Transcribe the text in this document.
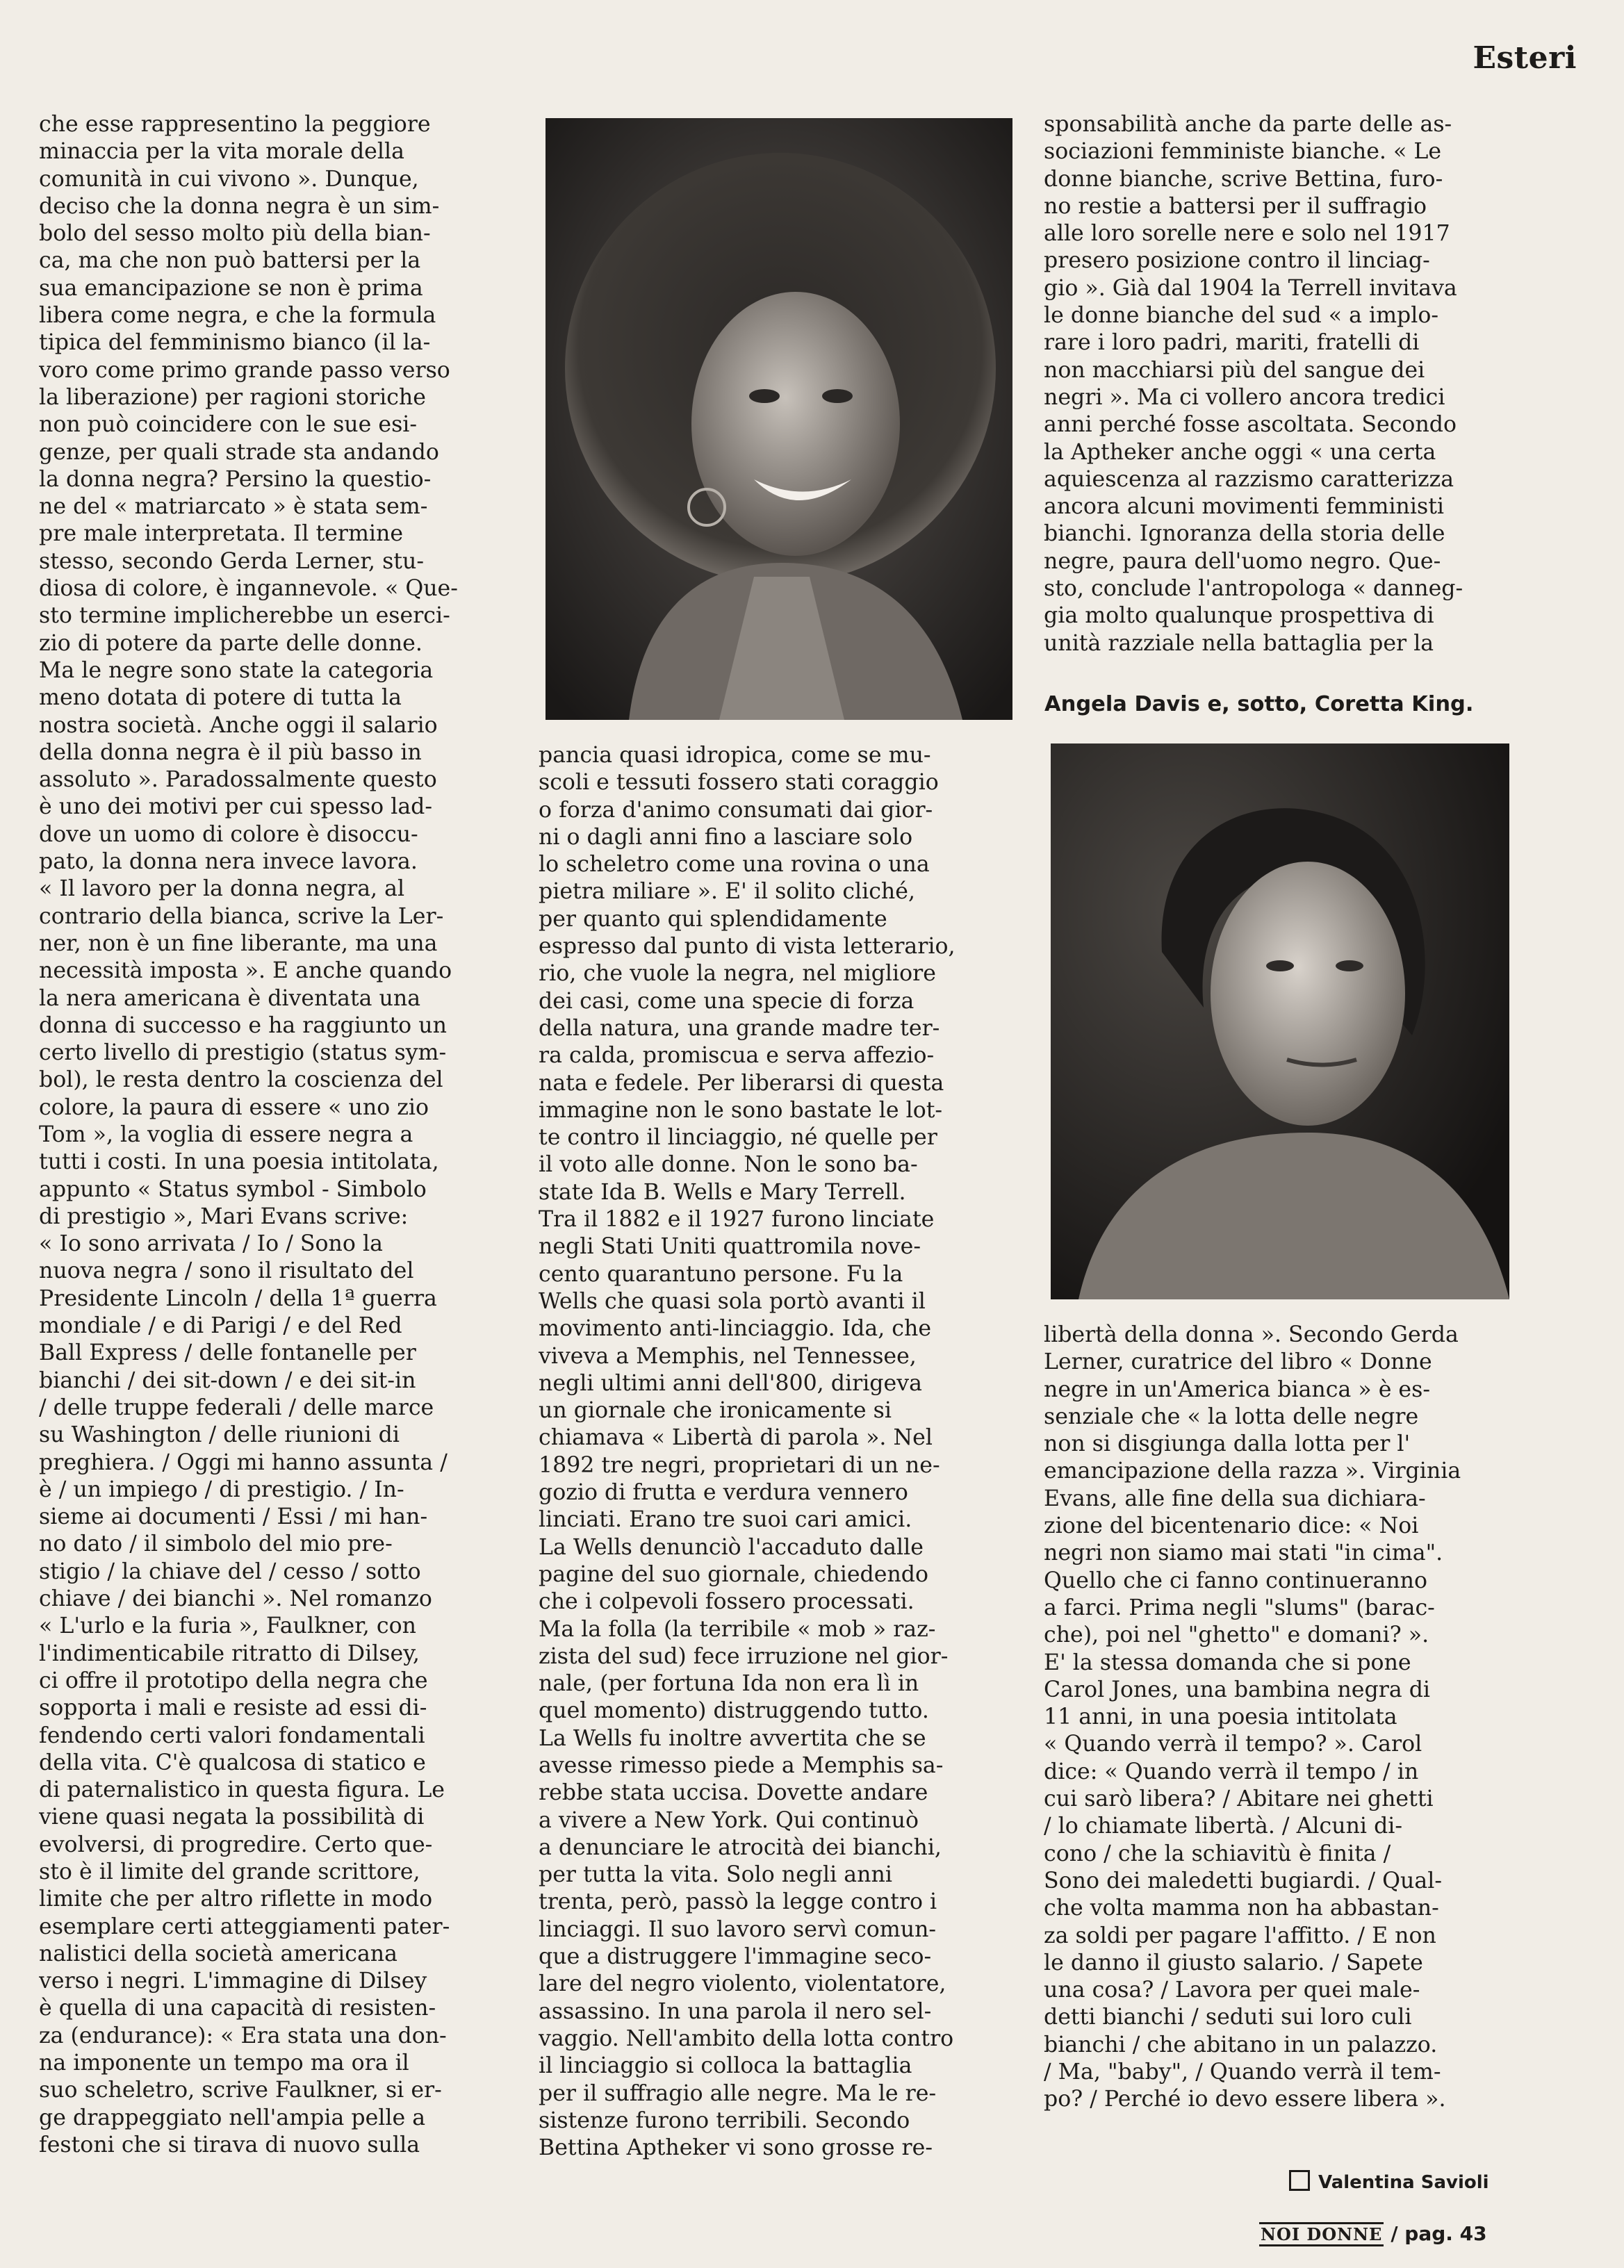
Esteri
che esse rappresentino la peggiore
minaccia per la vita morale della
comunità in cui vivono ». Dunque,
deciso che la donna negra è un sim-
bolo del sesso molto più della bian-
ca, ma che non può battersi per la
sua emancipazione se non è prima
libera come negra, e che la formula
tipica del femminismo bianco (il la-
voro come primo grande passo verso
la liberazione) per ragioni storiche
non può coincidere con le sue esi-
genze, per quali strade sta andando
la donna negra? Persino la questio-
ne del « matriarcato » è stata sem-
pre male interpretata. Il termine
stesso, secondo Gerda Lerner, stu-
diosa di colore, è ingannevole. « Que-
sto termine implicherebbe un eserci-
zio di potere da parte delle donne.
Ma le negre sono state la categoria
meno dotata di potere di tutta la
nostra società. Anche oggi il salario
della donna negra è il più basso in
assoluto ». Paradossalmente questo
è uno dei motivi per cui spesso lad-
dove un uomo di colore è disoccu-
pato, la donna nera invece lavora.
« Il lavoro per la donna negra, al
contrario della bianca, scrive la Ler-
ner, non è un fine liberante, ma una
necessità imposta ». E anche quando
la nera americana è diventata una
donna di successo e ha raggiunto un
certo livello di prestigio (status sym-
bol), le resta dentro la coscienza del
colore, la paura di essere « uno zio
Tom », la voglia di essere negra a
tutti i costi. In una poesia intitolata,
appunto « Status symbol - Simbolo
di prestigio », Mari Evans scrive:
« Io sono arrivata / Io / Sono la
nuova negra / sono il risultato del
Presidente Lincoln / della 1ª guerra
mondiale / e di Parigi / e del Red
Ball Express / delle fontanelle per
bianchi / dei sit-down / e dei sit-in
/ delle truppe federali / delle marce
su Washington / delle riunioni di
preghiera. / Oggi mi hanno assunta /
è / un impiego / di prestigio. / In-
sieme ai documenti / Essi / mi han-
no dato / il simbolo del mio pre-
stigio / la chiave del / cesso / sotto
chiave / dei bianchi ». Nel romanzo
« L'urlo e la furia », Faulkner, con
l'indimenticabile ritratto di Dilsey,
ci offre il prototipo della negra che
sopporta i mali e resiste ad essi di-
fendendo certi valori fondamentali
della vita. C'è qualcosa di statico e
di paternalistico in questa figura. Le
viene quasi negata la possibilità di
evolversi, di progredire. Certo que-
sto è il limite del grande scrittore,
limite che per altro riflette in modo
esemplare certi atteggiamenti pater-
nalistici della società americana
verso i negri. L'immagine di Dilsey
è quella di una capacità di resisten-
za (endurance): « Era stata una don-
na imponente un tempo ma ora il
suo scheletro, scrive Faulkner, si er-
ge drappeggiato nell'ampia pelle a
festoni che si tirava di nuovo sulla
pancia quasi idropica, come se mu-
scoli e tessuti fossero stati coraggio
o forza d'animo consumati dai gior-
ni o dagli anni fino a lasciare solo
lo scheletro come una rovina o una
pietra miliare ». E' il solito cliché,
per quanto qui splendidamente
espresso dal punto di vista letterario,
rio, che vuole la negra, nel migliore
dei casi, come una specie di forza
della natura, una grande madre ter-
ra calda, promiscua e serva affezio-
nata e fedele. Per liberarsi di questa
immagine non le sono bastate le lot-
te contro il linciaggio, né quelle per
il voto alle donne. Non le sono ba-
state Ida B. Wells e Mary Terrell.
Tra il 1882 e il 1927 furono linciate
negli Stati Uniti quattromila nove-
cento quarantuno persone. Fu la
Wells che quasi sola portò avanti il
movimento anti-linciaggio. Ida, che
viveva a Memphis, nel Tennessee,
negli ultimi anni dell'800, dirigeva
un giornale che ironicamente si
chiamava « Libertà di parola ». Nel
1892 tre negri, proprietari di un ne-
gozio di frutta e verdura vennero
linciati. Erano tre suoi cari amici.
La Wells denunciò l'accaduto dalle
pagine del suo giornale, chiedendo
che i colpevoli fossero processati.
Ma la folla (la terribile « mob » raz-
zista del sud) fece irruzione nel gior-
nale, (per fortuna Ida non era lì in
quel momento) distruggendo tutto.
La Wells fu inoltre avvertita che se
avesse rimesso piede a Memphis sa-
rebbe stata uccisa. Dovette andare
a vivere a New York. Qui continuò
a denunciare le atrocità dei bianchi,
per tutta la vita. Solo negli anni
trenta, però, passò la legge contro i
linciaggi. Il suo lavoro servì comun-
que a distruggere l'immagine seco-
lare del negro violento, violentatore,
assassino. In una parola il nero sel-
vaggio. Nell'ambito della lotta contro
il linciaggio si colloca la battaglia
per il suffragio alle negre. Ma le re-
sistenze furono terribili. Secondo
Bettina Aptheker vi sono grosse re-
sponsabilità anche da parte delle as-
sociazioni femministe bianche. « Le
donne bianche, scrive Bettina, furo-
no restie a battersi per il suffragio
alle loro sorelle nere e solo nel 1917
presero posizione contro il linciag-
gio ». Già dal 1904 la Terrell invitava
le donne bianche del sud « a implo-
rare i loro padri, mariti, fratelli di
non macchiarsi più del sangue dei
negri ». Ma ci vollero ancora tredici
anni perché fosse ascoltata. Secondo
la Aptheker anche oggi « una certa
aquiescenza al razzismo caratterizza
ancora alcuni movimenti femministi
bianchi. Ignoranza della storia delle
negre, paura dell'uomo negro. Que-
sto, conclude l'antropologa « danneg-
gia molto qualunque prospettiva di
unità razziale nella battaglia per la
Angela Davis e, sotto, Coretta King.
libertà della donna ». Secondo Gerda
Lerner, curatrice del libro « Donne
negre in un'America bianca » è es-
senziale che « la lotta delle negre
non si disgiunga dalla lotta per l'
emancipazione della razza ». Virginia
Evans, alle fine della sua dichiara-
zione del bicentenario dice: « Noi
negri non siamo mai stati "in cima".
Quello che ci fanno continueranno
a farci. Prima negli "slums" (barac-
che), poi nel "ghetto" e domani? ».
E' la stessa domanda che si pone
Carol Jones, una bambina negra di
11 anni, in una poesia intitolata
« Quando verrà il tempo? ». Carol
dice: « Quando verrà il tempo / in
cui sarò libera? / Abitare nei ghetti
/ lo chiamate libertà. / Alcuni di-
cono / che la schiavitù è finita /
Sono dei maledetti bugiardi. / Qual-
che volta mamma non ha abbastan-
za soldi per pagare l'affitto. / E non
le danno il giusto salario. / Sapete
una cosa? / Lavora per quei male-
detti bianchi / seduti sui loro culi
bianchi / che abitano in un palazzo.
/ Ma, "baby", / Quando verrà il tem-
po? / Perché io devo essere libera ».
Valentina Savioli
NOI DONNE / pag. 43
